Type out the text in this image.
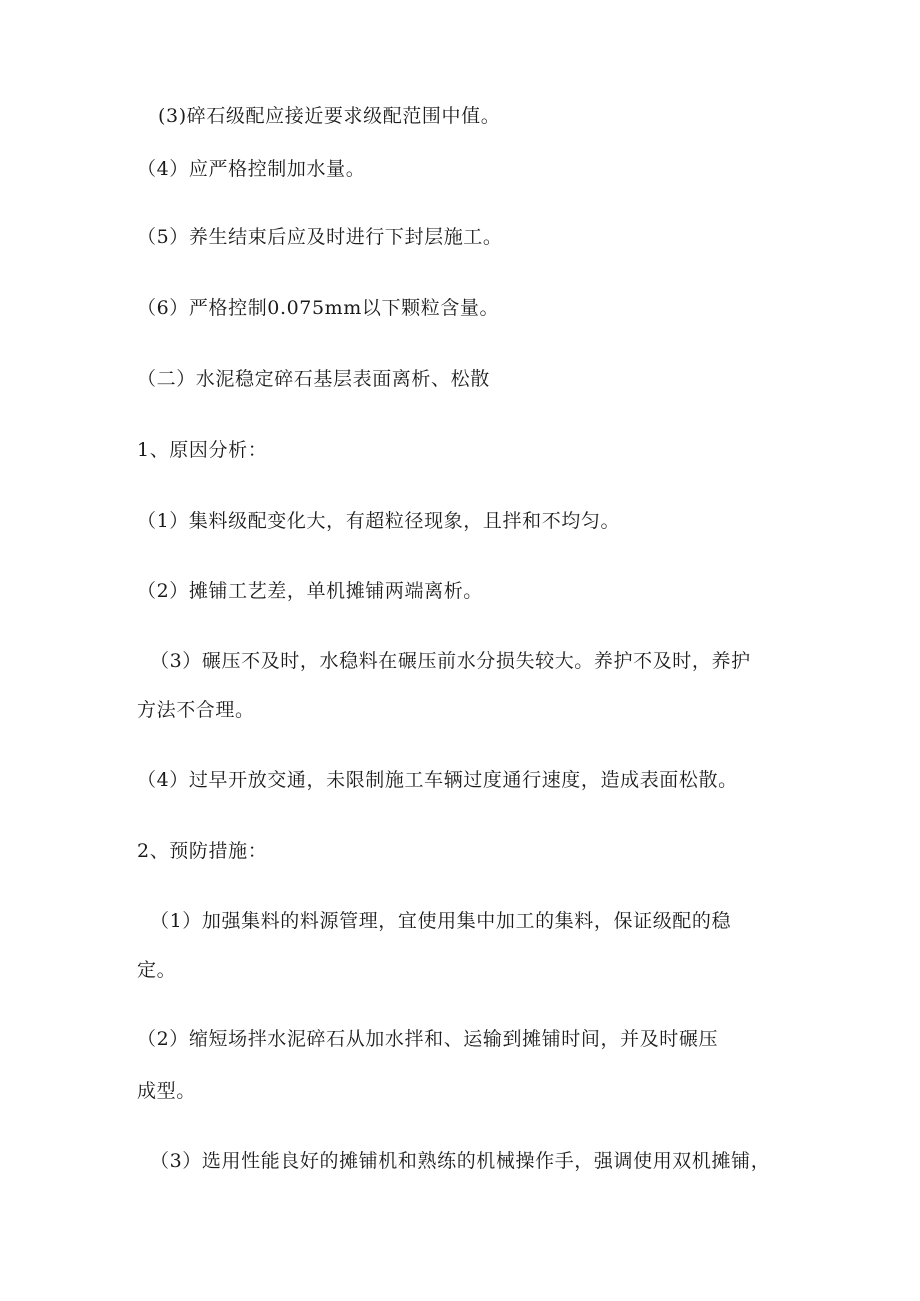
(3)碎石级配应接近要求级配范围中值。
（4）应严格控制加水量。
（5）养生结束后应及时进行下封层施工。
（6）严格控制0.075mm以下颗粒含量。
（二）水泥稳定碎石基层表面离析、松散
1、原因分析：
（1）集料级配变化大，有超粒径现象，且拌和不均匀。
（2）摊铺工艺差，单机摊铺两端离析。
（3）碾压不及时，水稳料在碾压前水分损失较大。养护不及时，养护
方法不合理。
（4）过早开放交通，未限制施工车辆过度通行速度，造成表面松散。
2、预防措施：
（1）加强集料的料源管理，宜使用集中加工的集料，保证级配的稳
定。
（2）缩短场拌水泥碎石从加水拌和、运输到摊铺时间，并及时碾压
成型。
（3）选用性能良好的摊铺机和熟练的机械操作手，强调使用双机摊铺，
